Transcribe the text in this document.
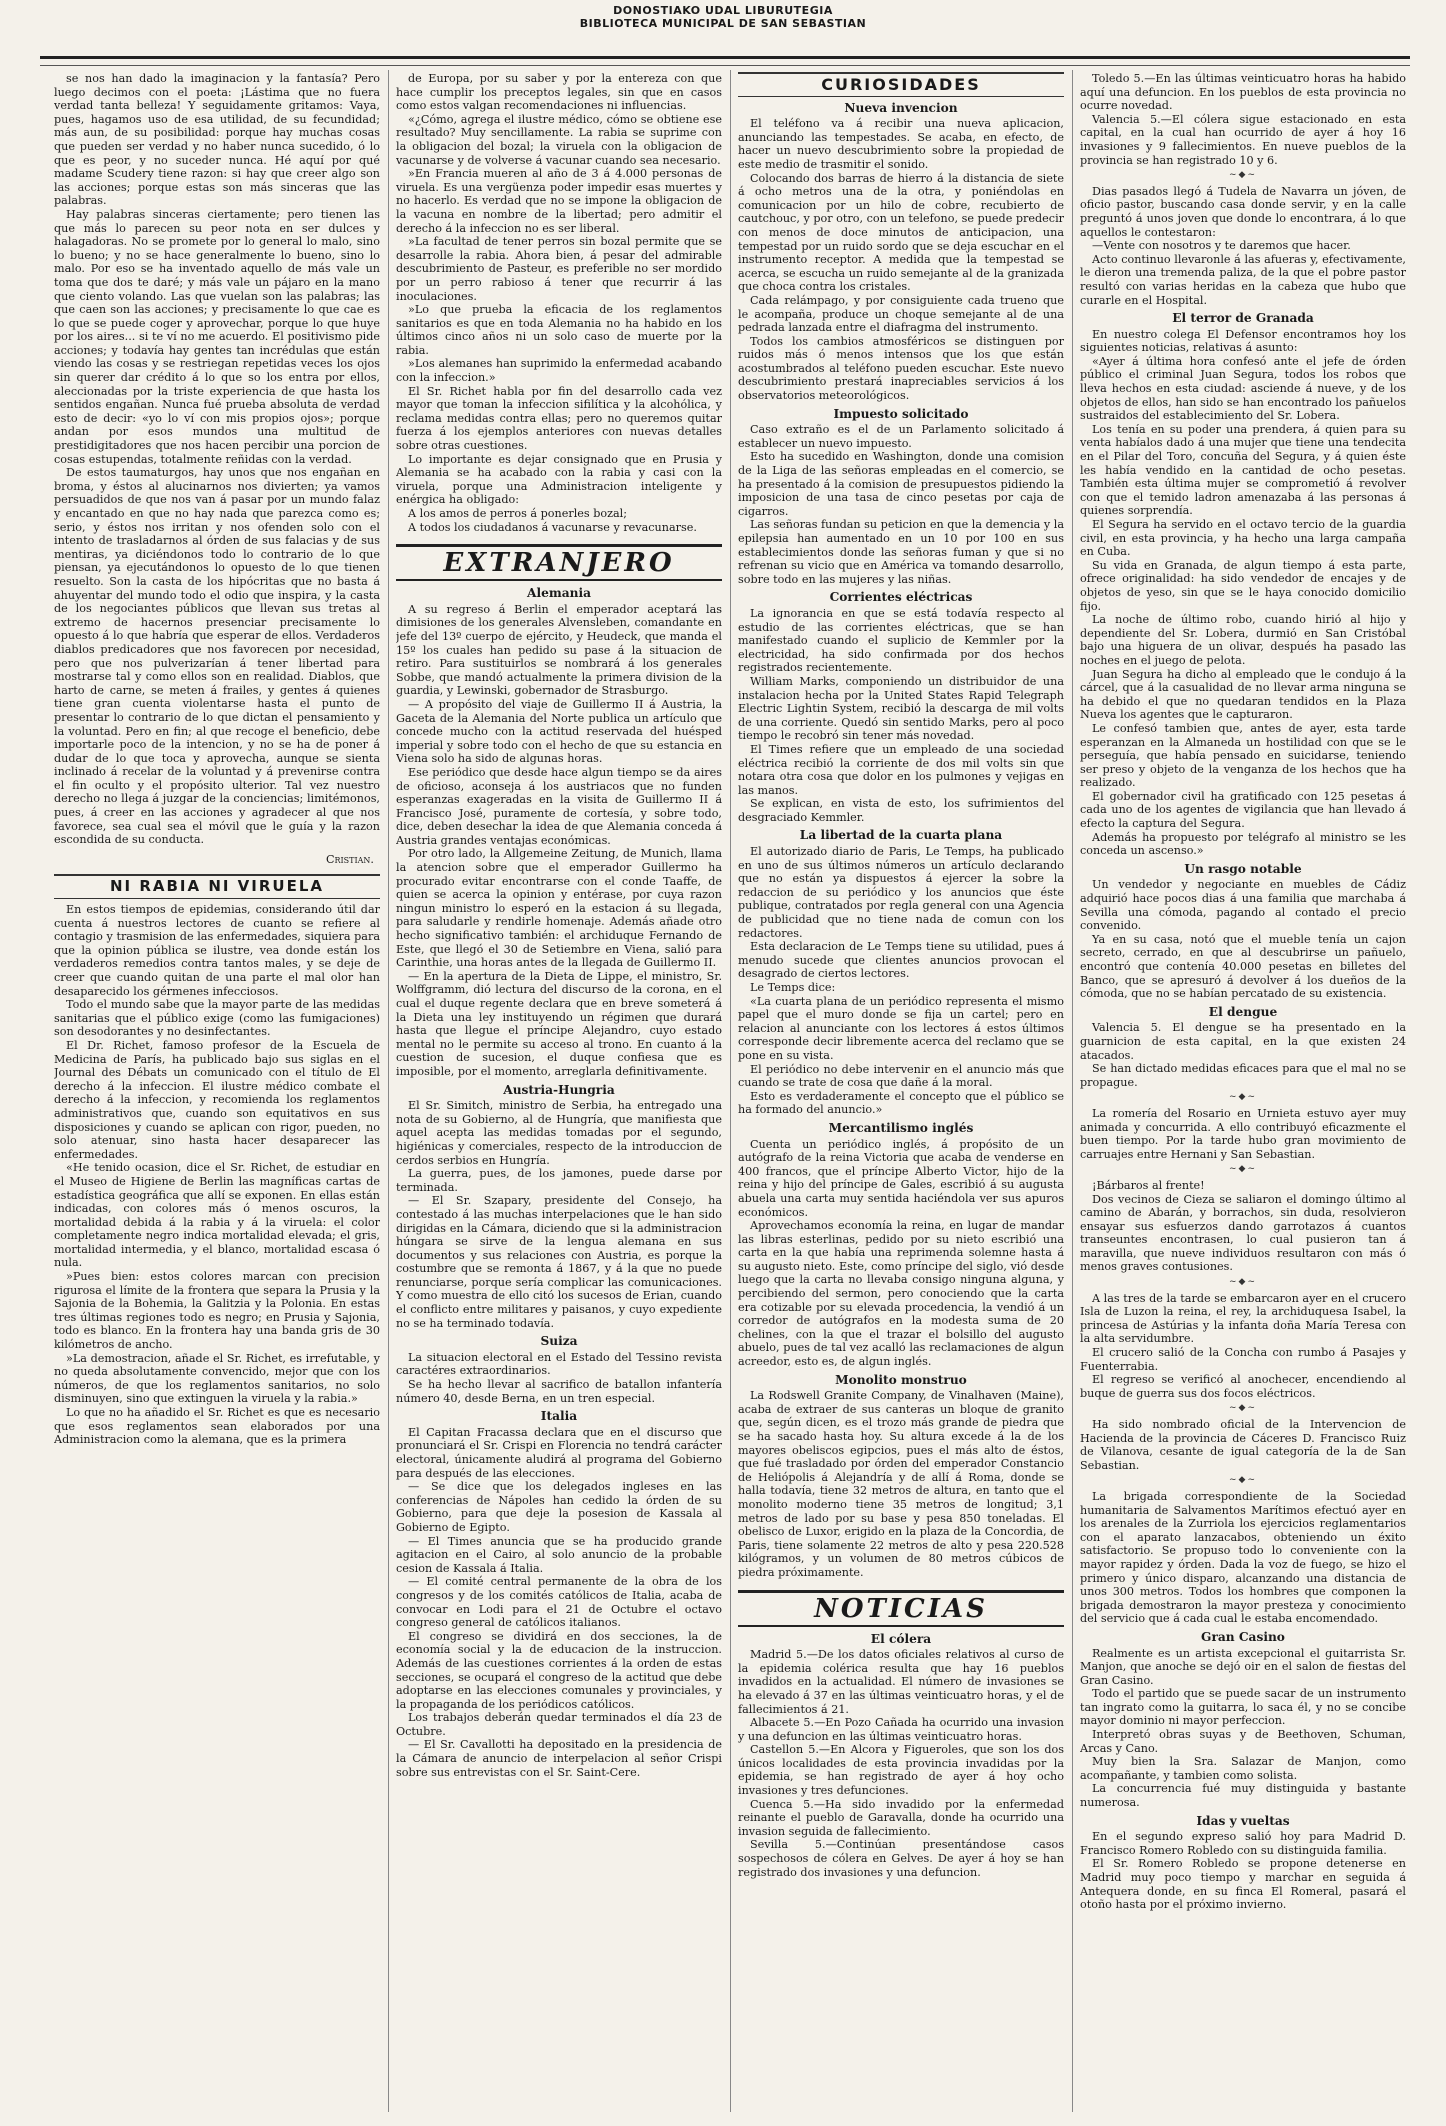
DONOSTIAKO UDAL LIBURUTEGIA
BIBLIOTECA MUNICIPAL DE SAN SEBASTIAN

se nos han dado la imaginacion y la fantasía? Pero luego decimos con el poeta: ¡Lástima que no fuera verdad tanta belleza! Y seguidamente gritamos: Vaya, pues, hagamos uso de esa utilidad, de su fecundidad; más aun, de su posibilidad: porque hay muchas cosas que pueden ser verdad y no haber nunca sucedido, ó lo que es peor, y no suceder nunca. Hé aquí por qué madame Scudery tiene razon: si hay que creer algo son las acciones; porque estas son más sinceras que las palabras.

Hay palabras sinceras ciertamente; pero tienen las que más lo parecen su peor nota en ser dulces y halagadoras. No se promete por lo general lo malo, sino lo bueno; y no se hace generalmente lo bueno, sino lo malo. Por eso se ha inventado aquello de más vale un toma que dos te daré; y más vale un pájaro en la mano que ciento volando. Las que vuelan son las palabras; las que caen son las acciones; y precisamente lo que cae es lo que se puede coger y aprovechar, porque lo que huye por los aires... si te ví no me acuerdo. El positivismo pide acciones; y todavía hay gentes tan incrédulas que están viendo las cosas y se restriegan repetidas veces los ojos sin querer dar crédito á lo que so los entra por ellos, aleccionadas por la triste experiencia de que hasta los sentidos engañan. Nunca fué prueba absoluta de verdad esto de decir: «yo lo ví con mis propios ojos»; porque andan por esos mundos una multitud de prestidigitadores que nos hacen percibir una porcion de cosas estupendas, totalmente reñidas con la verdad.

De estos taumaturgos, hay unos que nos engañan en broma, y éstos al alucinarnos nos divierten; ya vamos persuadidos de que nos van á pasar por un mundo falaz y encantado en que no hay nada que parezca como es; serio, y éstos nos irritan y nos ofenden solo con el intento de trasladarnos al órden de sus falacias y de sus mentiras, ya diciéndonos todo lo contrario de lo que piensan, ya ejecutándonos lo opuesto de lo que tienen resuelto. Son la casta de los hipócritas que no basta á ahuyentar del mundo todo el odio que inspira, y la casta de los negociantes públicos que llevan sus tretas al extremo de hacernos presenciar precisamente lo opuesto á lo que habría que esperar de ellos. Verdaderos diablos predicadores que nos favorecen por necesidad, pero que nos pulverizarían á tener libertad para mostrarse tal y como ellos son en realidad. Diablos, que harto de carne, se meten á frailes, y gentes á quienes tiene gran cuenta violentarse hasta el punto de presentar lo contrario de lo que dictan el pensamiento y la voluntad. Pero en fin; al que recoge el beneficio, debe importarle poco de la intencion, y no se ha de poner á dudar de lo que toca y aprovecha, aunque se sienta inclinado á recelar de la voluntad y á prevenirse contra el fin oculto y el propósito ulterior. Tal vez nuestro derecho no llega á juzgar de la conciencias; limitémonos, pues, á creer en las acciones y agradecer al que nos favorece, sea cual sea el móvil que le guía y la razon escondida de su conducta.

Cristian.
NI RABIA NI VIRUELA

En estos tiempos de epidemias, considerando útil dar cuenta á nuestros lectores de cuanto se refiere al contagio y trasmision de las enfermedades, siquiera para que la opinion pública se ilustre, vea donde están los verdaderos remedios contra tantos males, y se deje de creer que cuando quitan de una parte el mal olor han desaparecido los gérmenes infecciosos.

Todo el mundo sabe que la mayor parte de las medidas sanitarias que el público exige (como las fumigaciones) son desodorantes y no desinfectantes.

El Dr. Richet, famoso profesor de la Escuela de Medicina de París, ha publicado bajo sus siglas en el Journal des Débats un comunicado con el título de El derecho á la infeccion. El ilustre médico combate el derecho á la infeccion, y recomienda los reglamentos administrativos que, cuando son equitativos en sus disposiciones y cuando se aplican con rigor, pueden, no solo atenuar, sino hasta hacer desaparecer las enfermedades.

«He tenido ocasion, dice el Sr. Richet, de estudiar en el Museo de Higiene de Berlin las magníficas cartas de estadística geográfica que allí se exponen. En ellas están indicadas, con colores más ó menos oscuros, la mortalidad debida á la rabia y á la viruela: el color completamente negro indica mortalidad elevada; el gris, mortalidad intermedia, y el blanco, mortalidad escasa ó nula.

»Pues bien: estos colores marcan con precision rigurosa el límite de la frontera que separa la Prusia y la Sajonia de la Bohemia, la Galitzia y la Polonia. En estas tres últimas regiones todo es negro; en Prusia y Sajonia, todo es blanco. En la frontera hay una banda gris de 30 kilómetros de ancho.

»La demostracion, añade el Sr. Richet, es irrefutable, y no queda absolutamente convencido, mejor que con los números, de que los reglamentos sanitarios, no solo disminuyen, sino que extinguen la viruela y la rabia.»

Lo que no ha añadido el Sr. Richet es que es necesario que esos reglamentos sean elaborados por una Administracion como la alemana, que es la primera

de Europa, por su saber y por la entereza con que hace cumplir los preceptos legales, sin que en casos como estos valgan recomendaciones ni influencias.

«¿Cómo, agrega el ilustre médico, cómo se obtiene ese resultado? Muy sencillamente. La rabia se suprime con la obligacion del bozal; la viruela con la obligacion de vacunarse y de volverse á vacunar cuando sea necesario.

»En Francia mueren al año de 3 á 4.000 personas de viruela. Es una vergüenza poder impedir esas muertes y no hacerlo. Es verdad que no se impone la obligacion de la vacuna en nombre de la libertad; pero admitir el derecho á la infeccion no es ser liberal.

»La facultad de tener perros sin bozal permite que se desarrolle la rabia. Ahora bien, á pesar del admirable descubrimiento de Pasteur, es preferible no ser mordido por un perro rabioso á tener que recurrir á las inoculaciones.

»Lo que prueba la eficacia de los reglamentos sanitarios es que en toda Alemania no ha habido en los últimos cinco años ni un solo caso de muerte por la rabia.

»Los alemanes han suprimido la enfermedad acabando con la infeccion.»

El Sr. Richet habla por fin del desarrollo cada vez mayor que toman la infeccion sifilítica y la alcohólica, y reclama medidas contra ellas; pero no queremos quitar fuerza á los ejemplos anteriores con nuevas detalles sobre otras cuestiones.

Lo importante es dejar consignado que en Prusia y Alemania se ha acabado con la rabia y casi con la viruela, porque una Administracion inteligente y enérgica ha obligado:

A los amos de perros á ponerles bozal;

A todos los ciudadanos á vacunarse y revacunarse.

EXTRANJERO
Alemania

A su regreso á Berlin el emperador aceptará las dimisiones de los generales Alvensleben, comandante en jefe del 13º cuerpo de ejército, y Heudeck, que manda el 15º los cuales han pedido su pase á la situacion de retiro. Para sustituirlos se nombrará á los generales Sobbe, que mandó actualmente la primera division de la guardia, y Lewinski, gobernador de Strasburgo.

— A propósito del viaje de Guillermo II á Austria, la Gaceta de la Alemania del Norte publica un artículo que concede mucho con la actitud reservada del huésped imperial y sobre todo con el hecho de que su estancia en Viena solo ha sido de algunas horas.

Ese periódico que desde hace algun tiempo se da aires de oficioso, aconseja á los austriacos que no funden esperanzas exageradas en la visita de Guillermo II á Francisco José, puramente de cortesía, y sobre todo, dice, deben desechar la idea de que Alemania conceda á Austria grandes ventajas económicas.

Por otro lado, la Allgemeine Zeitung, de Munich, llama la atencion sobre que el emperador Guillermo ha procurado evitar encontrarse con el conde Taaffe, de quien se acerca la opinion y entérase, por cuya razon ningun ministro lo esperó en la estacion á su llegada, para saludarle y rendirle homenaje. Además añade otro hecho significativo también: el archiduque Fernando de Este, que llegó el 30 de Setiembre en Viena, salió para Carinthie, una horas antes de la llegada de Guillermo II.

— En la apertura de la Dieta de Lippe, el ministro, Sr. Wolffgramm, dió lectura del discurso de la corona, en el cual el duque regente declara que en breve someterá á la Dieta una ley instituyendo un régimen que durará hasta que llegue el príncipe Alejandro, cuyo estado mental no le permite su acceso al trono. En cuanto á la cuestion de sucesion, el duque confiesa que es imposible, por el momento, arreglarla definitivamente.

Austria-Hungria

El Sr. Simitch, ministro de Serbia, ha entregado una nota de su Gobierno, al de Hungría, que manifiesta que aquel acepta las medidas tomadas por el segundo, higiénicas y comerciales, respecto de la introduccion de cerdos serbios en Hungría.

La guerra, pues, de los jamones, puede darse por terminada.

— El Sr. Szapary, presidente del Consejo, ha contestado á las muchas interpelaciones que le han sido dirigidas en la Cámara, diciendo que si la administracion húngara se sirve de la lengua alemana en sus documentos y sus relaciones con Austria, es porque la costumbre que se remonta á 1867, y á la que no puede renunciarse, porque sería complicar las comunicaciones. Y como muestra de ello citó los sucesos de Erian, cuando el conflicto entre militares y paisanos, y cuyo expediente no se ha terminado todavía.

Suiza

La situacion electoral en el Estado del Tessino revista caractéres extraordinarios.

Se ha hecho llevar al sacrifico de batallon infantería número 40, desde Berna, en un tren especial.

Italia

El Capitan Fracassa declara que en el discurso que pronunciará el Sr. Crispi en Florencia no tendrá carácter electoral, únicamente aludirá al programa del Gobierno para después de las elecciones.

— Se dice que los delegados ingleses en las conferencias de Nápoles han cedido la órden de su Gobierno, para que deje la posesion de Kassala al Gobierno de Egipto.

— El Times anuncia que se ha producido grande agitacion en el Cairo, al solo anuncio de la probable cesion de Kassala á Italia.

— El comité central permanente de la obra de los congresos y de los comités católicos de Italia, acaba de convocar en Lodi para el 21 de Octubre el octavo congreso general de católicos italianos.

El congreso se dividirá en dos secciones, la de economía social y la de educacion de la instruccion. Además de las cuestiones corrientes á la orden de estas secciones, se ocupará el congreso de la actitud que debe adoptarse en las elecciones comunales y provinciales, y la propaganda de los periódicos católicos.

Los trabajos deberán quedar terminados el día 23 de Octubre.

— El Sr. Cavallotti ha depositado en la presidencia de la Cámara de anuncio de interpelacion al señor Crispi sobre sus entrevistas con el Sr. Saint-Cere.

CURIOSIDADES
Nueva invencion

El teléfono va á recibir una nueva aplicacion, anunciando las tempestades. Se acaba, en efecto, de hacer un nuevo descubrimiento sobre la propiedad de este medio de trasmitir el sonido.

Colocando dos barras de hierro á la distancia de siete á ocho metros una de la otra, y poniéndolas en comunicacion por un hilo de cobre, recubierto de cautchouc, y por otro, con un telefono, se puede predecir con menos de doce minutos de anticipacion, una tempestad por un ruido sordo que se deja escuchar en el instrumento receptor. A medida que la tempestad se acerca, se escucha un ruido semejante al de la granizada que choca contra los cristales.

Cada relámpago, y por consiguiente cada trueno que le acompaña, produce un choque semejante al de una pedrada lanzada entre el diafragma del instrumento.

Todos los cambios atmosféricos se distinguen por ruidos más ó menos intensos que los que están acostumbrados al teléfono pueden escuchar. Este nuevo descubrimiento prestará inapreciables servicios á los observatorios meteorológicos.

Impuesto solicitado

Caso extraño es el de un Parlamento solicitado á establecer un nuevo impuesto.

Esto ha sucedido en Washington, donde una comision de la Liga de las señoras empleadas en el comercio, se ha presentado á la comision de presupuestos pidiendo la imposicion de una tasa de cinco pesetas por caja de cigarros.

Las señoras fundan su peticion en que la demencia y la epilepsia han aumentado en un 10 por 100 en sus establecimientos donde las señoras fuman y que si no refrenan su vicio que en América va tomando desarrollo, sobre todo en las mujeres y las niñas.

Corrientes eléctricas

La ignorancia en que se está todavía respecto al estudio de las corrientes eléctricas, que se han manifestado cuando el suplicio de Kemmler por la electricidad, ha sido confirmada por dos hechos registrados recientemente.

William Marks, componiendo un distribuidor de una instalacion hecha por la United States Rapid Telegraph Electric Lightin System, recibió la descarga de mil volts de una corriente. Quedó sin sentido Marks, pero al poco tiempo le recobró sin tener más novedad.

El Times refiere que un empleado de una sociedad eléctrica recibió la corriente de dos mil volts sin que notara otra cosa que dolor en los pulmones y vejigas en las manos.

Se explican, en vista de esto, los sufrimientos del desgraciado Kemmler.

La libertad de la cuarta plana

El autorizado diario de Paris, Le Temps, ha publicado en uno de sus últimos números un artículo declarando que no están ya dispuestos á ejercer la sobre la redaccion de su periódico y los anuncios que éste publique, contratados por regla general con una Agencia de publicidad que no tiene nada de comun con los redactores.

Esta declaracion de Le Temps tiene su utilidad, pues á menudo sucede que clientes anuncios provocan el desagrado de ciertos lectores.

Le Temps dice:

«La cuarta plana de un periódico representa el mismo papel que el muro donde se fija un cartel; pero en relacion al anunciante con los lectores á estos últimos corresponde decir libremente acerca del reclamo que se pone en su vista.

El periódico no debe intervenir en el anuncio más que cuando se trate de cosa que dañe á la moral.

Esto es verdaderamente el concepto que el público se ha formado del anuncio.»

Mercantilismo inglés

Cuenta un periódico inglés, á propósito de un autógrafo de la reina Victoria que acaba de venderse en 400 francos, que el príncipe Alberto Victor, hijo de la reina y hijo del príncipe de Gales, escribió á su augusta abuela una carta muy sentida haciéndola ver sus apuros económicos.

Aprovechamos economía la reina, en lugar de mandar las libras esterlinas, pedido por su nieto escribió una carta en la que había una reprimenda solemne hasta á su augusto nieto. Este, como príncipe del siglo, vió desde luego que la carta no llevaba consigo ninguna alguna, y percibiendo del sermon, pero conociendo que la carta era cotizable por su elevada procedencia, la vendió á un corredor de autógrafos en la modesta suma de 20 chelines, con la que el trazar el bolsillo del augusto abuelo, pues de tal vez acalló las reclamaciones de algun acreedor, esto es, de algun inglés.

Monolito monstruo

La Rodswell Granite Company, de Vinalhaven (Maine), acaba de extraer de sus canteras un bloque de granito que, según dicen, es el trozo más grande de piedra que se ha sacado hasta hoy. Su altura excede á la de los mayores obeliscos egipcios, pues el más alto de éstos, que fué trasladado por órden del emperador Constancio de Heliópolis á Alejandría y de allí á Roma, donde se halla todavía, tiene 32 metros de altura, en tanto que el monolito moderno tiene 35 metros de longitud; 3,1 metros de lado por su base y pesa 850 toneladas. El obelisco de Luxor, erigido en la plaza de la Concordia, de Paris, tiene solamente 22 metros de alto y pesa 220.528 kilógramos, y un volumen de 80 metros cúbicos de piedra próximamente.

NOTICIAS
El cólera

Madrid 5.—De los datos oficiales relativos al curso de la epidemia colérica resulta que hay 16 pueblos invadidos en la actualidad. El número de invasiones se ha elevado á 37 en las últimas veinticuatro horas, y el de fallecimientos á 21.

Albacete 5.—En Pozo Cañada ha ocurrido una invasion y una defuncion en las últimas veinticuatro horas.

Castellon 5.—En Alcora y Figueroles, que son los dos únicos localidades de esta provincia invadidas por la epidemia, se han registrado de ayer á hoy ocho invasiones y tres defunciones.

Cuenca 5.—Ha sido invadido por la enfermedad reinante el pueblo de Garavalla, donde ha ocurrido una invasion seguida de fallecimiento.

Sevilla 5.—Continúan presentándose casos sospechosos de cólera en Gelves. De ayer á hoy se han registrado dos invasiones y una defuncion.

Toledo 5.—En las últimas veinticuatro horas ha habido aquí una defuncion. En los pueblos de esta provincia no ocurre novedad.

Valencia 5.—El cólera sigue estacionado en esta capital, en la cual han ocurrido de ayer á hoy 16 invasiones y 9 fallecimientos. En nueve pueblos de la provincia se han registrado 10 y 6.

~◆~

Dias pasados llegó á Tudela de Navarra un jóven, de oficio pastor, buscando casa donde servir, y en la calle preguntó á unos joven que donde lo encontrara, á lo que aquellos le contestaron:

—Vente con nosotros y te daremos que hacer.

Acto continuo llevaronle á las afueras y, efectivamente, le dieron una tremenda paliza, de la que el pobre pastor resultó con varias heridas en la cabeza que hubo que curarle en el Hospital.

El terror de Granada

En nuestro colega El Defensor encontramos hoy los siguientes noticias, relativas á asunto:

«Ayer á última hora confesó ante el jefe de órden público el criminal Juan Segura, todos los robos que lleva hechos en esta ciudad: asciende á nueve, y de los objetos de ellos, han sido se han encontrado los pañuelos sustraidos del establecimiento del Sr. Lobera.

Los tenía en su poder una prendera, á quien para su venta habíalos dado á una mujer que tiene una tendecita en el Pilar del Toro, concuña del Segura, y á quien éste les había vendido en la cantidad de ocho pesetas. También esta última mujer se comprometió á revolver con que el temido ladron amenazaba á las personas á quienes sorprendía.

El Segura ha servido en el octavo tercio de la guardia civil, en esta provincia, y ha hecho una larga campaña en Cuba.

Su vida en Granada, de algun tiempo á esta parte, ofrece originalidad: ha sido vendedor de encajes y de objetos de yeso, sin que se le haya conocido domicilio fijo.

La noche de último robo, cuando hirió al hijo y dependiente del Sr. Lobera, durmió en San Cristóbal bajo una higuera de un olivar, después ha pasado las noches en el juego de pelota.

Juan Segura ha dicho al empleado que le condujo á la cárcel, que á la casualidad de no llevar arma ninguna se ha debido el que no quedaran tendidos en la Plaza Nueva los agentes que le capturaron.

Le confesó tambien que, antes de ayer, esta tarde esperanzan en la Almaneda un hostilidad con que se le perseguía, que había pensado en suicidarse, teniendo ser preso y objeto de la venganza de los hechos que ha realizado.

El gobernador civil ha gratificado con 125 pesetas á cada uno de los agentes de vigilancia que han llevado á efecto la captura del Segura.

Además ha propuesto por telégrafo al ministro se les conceda un ascenso.»

Un rasgo notable

Un vendedor y negociante en muebles de Cádiz adquirió hace pocos dias á una familia que marchaba á Sevilla una cómoda, pagando al contado el precio convenido.

Ya en su casa, notó que el mueble tenía un cajon secreto, cerrado, en que al descubrirse un pañuelo, encontró que contenía 40.000 pesetas en billetes del Banco, que se apresuró á devolver á los dueños de la cómoda, que no se habían percatado de su existencia.

El dengue

Valencia 5. El dengue se ha presentado en la guarnicion de esta capital, en la que existen 24 atacados.

Se han dictado medidas eficaces para que el mal no se propague.

~◆~

La romería del Rosario en Urnieta estuvo ayer muy animada y concurrida. A ello contribuyó eficazmente el buen tiempo. Por la tarde hubo gran movimiento de carruajes entre Hernani y San Sebastian.

~◆~

¡Bárbaros al frente!

Dos vecinos de Cieza se saliaron el domingo último al camino de Abarán, y borrachos, sin duda, resolvieron ensayar sus esfuerzos dando garrotazos á cuantos transeuntes encontrasen, lo cual pusieron tan á maravilla, que nueve individuos resultaron con más ó menos graves contusiones.

~◆~

A las tres de la tarde se embarcaron ayer en el crucero Isla de Luzon la reina, el rey, la archiduquesa Isabel, la princesa de Astúrias y la infanta doña María Teresa con la alta servidumbre.

El crucero salió de la Concha con rumbo á Pasajes y Fuenterrabia.

El regreso se verificó al anochecer, encendiendo al buque de guerra sus dos focos eléctricos.

~◆~

Ha sido nombrado oficial de la Intervencion de Hacienda de la provincia de Cáceres D. Francisco Ruiz de Vilanova, cesante de igual categoría de la de San Sebastian.

~◆~

La brigada correspondiente de la Sociedad humanitaria de Salvamentos Marítimos efectuó ayer en los arenales de la Zurriola los ejercicios reglamentarios con el aparato lanzacabos, obteniendo un éxito satisfactorio. Se propuso todo lo conveniente con la mayor rapidez y órden. Dada la voz de fuego, se hizo el primero y único disparo, alcanzando una distancia de unos 300 metros. Todos los hombres que componen la brigada demostraron la mayor presteza y conocimiento del servicio que á cada cual le estaba encomendado.

Gran Casino

Realmente es un artista excepcional el guitarrista Sr. Manjon, que anoche se dejó oir en el salon de fiestas del Gran Casino.

Todo el partido que se puede sacar de un instrumento tan ingrato como la guitarra, lo saca él, y no se concibe mayor dominio ni mayor perfeccion.

Interpretó obras suyas y de Beethoven, Schuman, Arcas y Cano.

Muy bien la Sra. Salazar de Manjon, como acompañante, y tambien como solista.

La concurrencia fué muy distinguida y bastante numerosa.

Idas y vueltas

En el segundo expreso salió hoy para Madrid D. Francisco Romero Robledo con su distinguida familia.

El Sr. Romero Robledo se propone detenerse en Madrid muy poco tiempo y marchar en seguida á Antequera donde, en su finca El Romeral, pasará el otoño hasta por el próximo invierno.
